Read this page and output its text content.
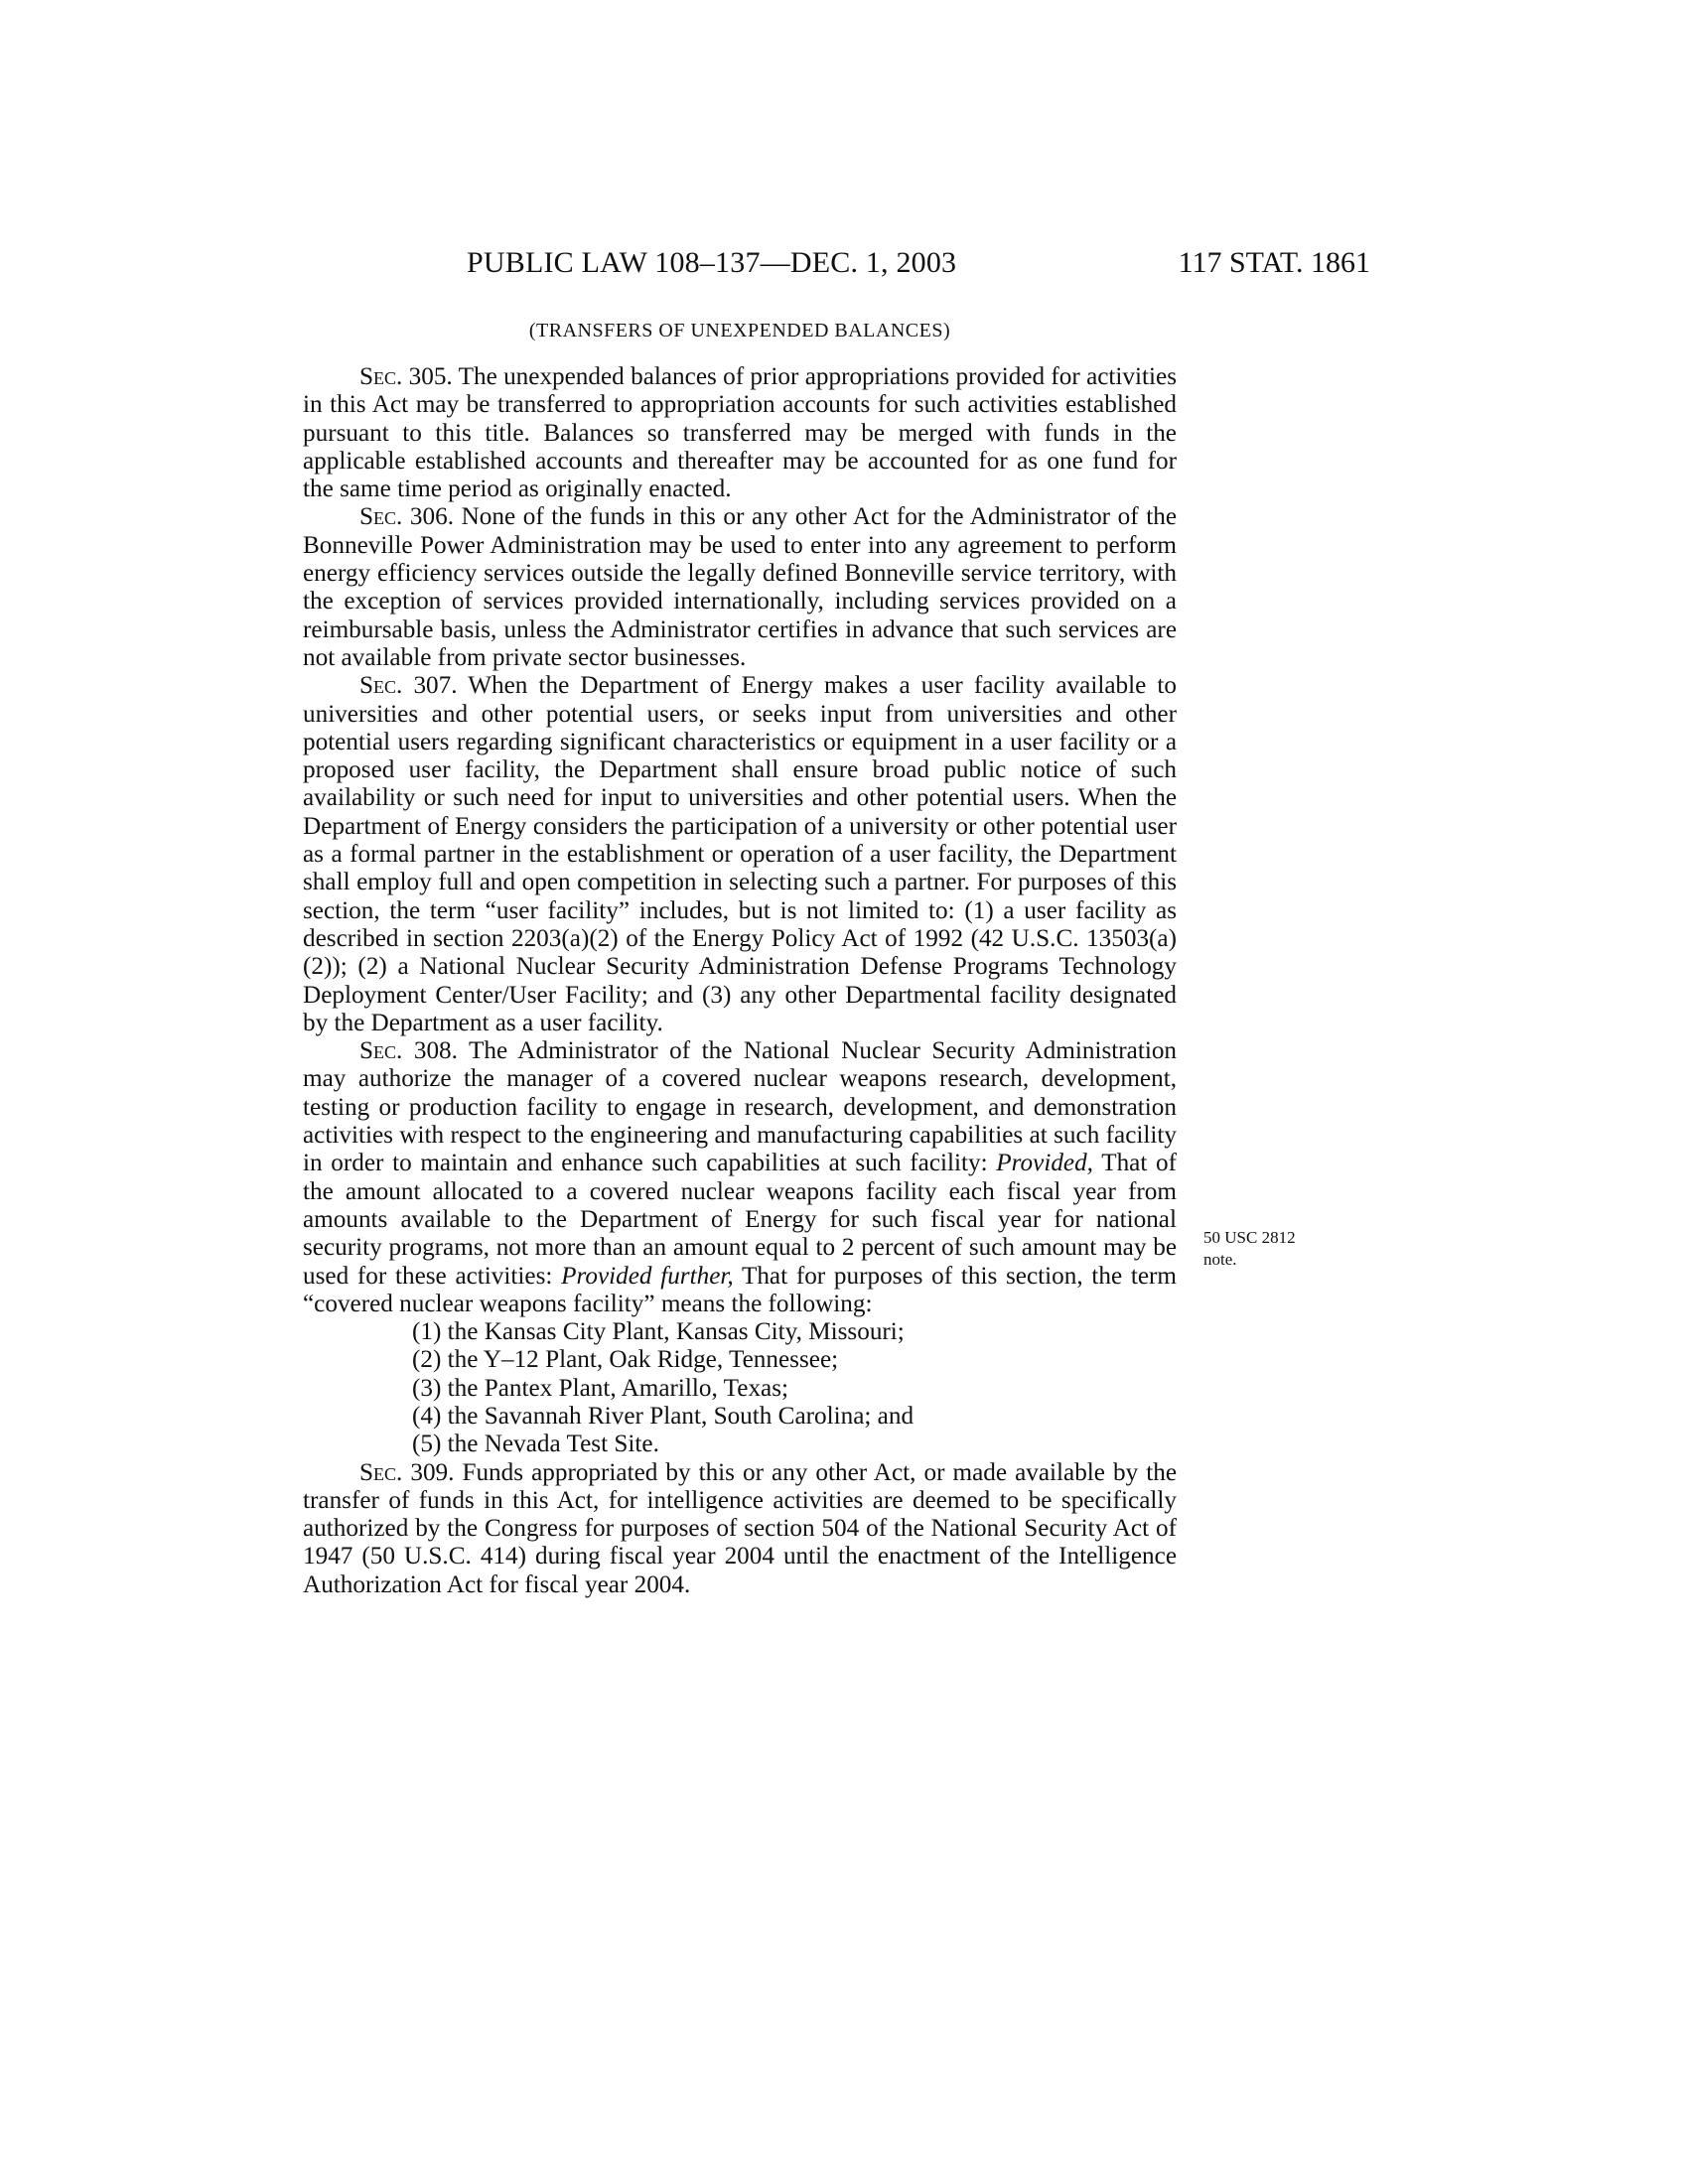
PUBLIC LAW 108–137—DEC. 1, 2003	117 STAT. 1861
(TRANSFERS OF UNEXPENDED BALANCES)

Sec. 305. The unexpended balances of prior appropriations provided for activities in this Act may be transferred to appropriation accounts for such activities established pursuant to this title. Balances so transferred may be merged with funds in the applicable established accounts and thereafter may be accounted for as one fund for the same time period as originally enacted.

Sec. 306. None of the funds in this or any other Act for the Administrator of the Bonneville Power Administration may be used to enter into any agreement to perform energy efficiency services outside the legally defined Bonneville service territory, with the exception of services provided internationally, including services provided on a reimbursable basis, unless the Administrator certifies in advance that such services are not available from private sector businesses.

Sec. 307. When the Department of Energy makes a user facility available to universities and other potential users, or seeks input from universities and other potential users regarding significant characteristics or equipment in a user facility or a proposed user facility, the Department shall ensure broad public notice of such availability or such need for input to universities and other potential users. When the Department of Energy considers the participation of a university or other potential user as a formal partner in the establishment or operation of a user facility, the Department shall employ full and open competition in selecting such a partner. For purposes of this section, the term “user facility” includes, but is not limited to: (1) a user facility as described in section 2203(a)(2) of the Energy Policy Act of 1992 (42 U.S.C. 13503(a)(2)); (2) a National Nuclear Security Administration Defense Programs Technology Deployment Center/User Facility; and (3) any other Departmental facility designated by the Department as a user facility.

Sec. 308. The Administrator of the National Nuclear Security Administration may authorize the manager of a covered nuclear weapons research, development, testing or production facility to engage in research, development, and demonstration activities with respect to the engineering and manufacturing capabilities at such facility in order to maintain and enhance such capabilities at such facility: Provided, That of the amount allocated to a covered nuclear weapons facility each fiscal year from amounts available to the Department of Energy for such fiscal year for national security programs, not more than an amount equal to 2 percent of such amount may be used for these activities: Provided further, That for purposes of this section, the term “covered nuclear weapons facility” means the following:

(1) the Kansas City Plant, Kansas City, Missouri;
(2) the Y–12 Plant, Oak Ridge, Tennessee;
(3) the Pantex Plant, Amarillo, Texas;
(4) the Savannah River Plant, South Carolina; and
(5) the Nevada Test Site.

Sec. 309. Funds appropriated by this or any other Act, or made available by the transfer of funds in this Act, for intelligence activities are deemed to be specifically authorized by the Congress for purposes of section 504 of the National Security Act of 1947 (50 U.S.C. 414) during fiscal year 2004 until the enactment of the Intelligence Authorization Act for fiscal year 2004.

50 USC 2812
note.
